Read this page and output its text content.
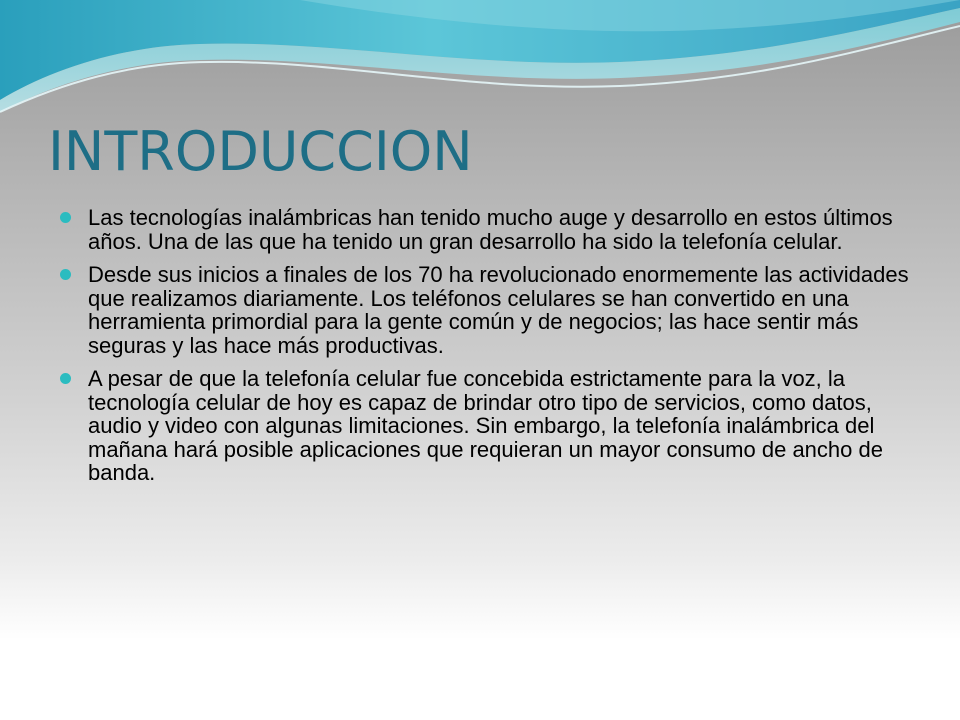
INTRODUCCION
Las tecnologías inalámbricas han tenido mucho auge y desarrollo en estos últimos años. Una de las que ha tenido un gran desarrollo ha sido la telefonía celular.
Desde sus inicios a finales de los 70 ha revolucionado enormemente las actividades que realizamos diariamente. Los teléfonos celulares se han convertido en una herramienta primordial para la gente común y de negocios; las hace sentir más seguras y las hace más productivas.
A pesar de que la telefonía celular fue concebida estrictamente para la voz, la tecnología celular de hoy es capaz de brindar otro tipo de servicios, como datos, audio y video con algunas limitaciones. Sin embargo, la telefonía inalámbrica del mañana hará posible aplicaciones que requieran un mayor consumo de ancho de banda.
